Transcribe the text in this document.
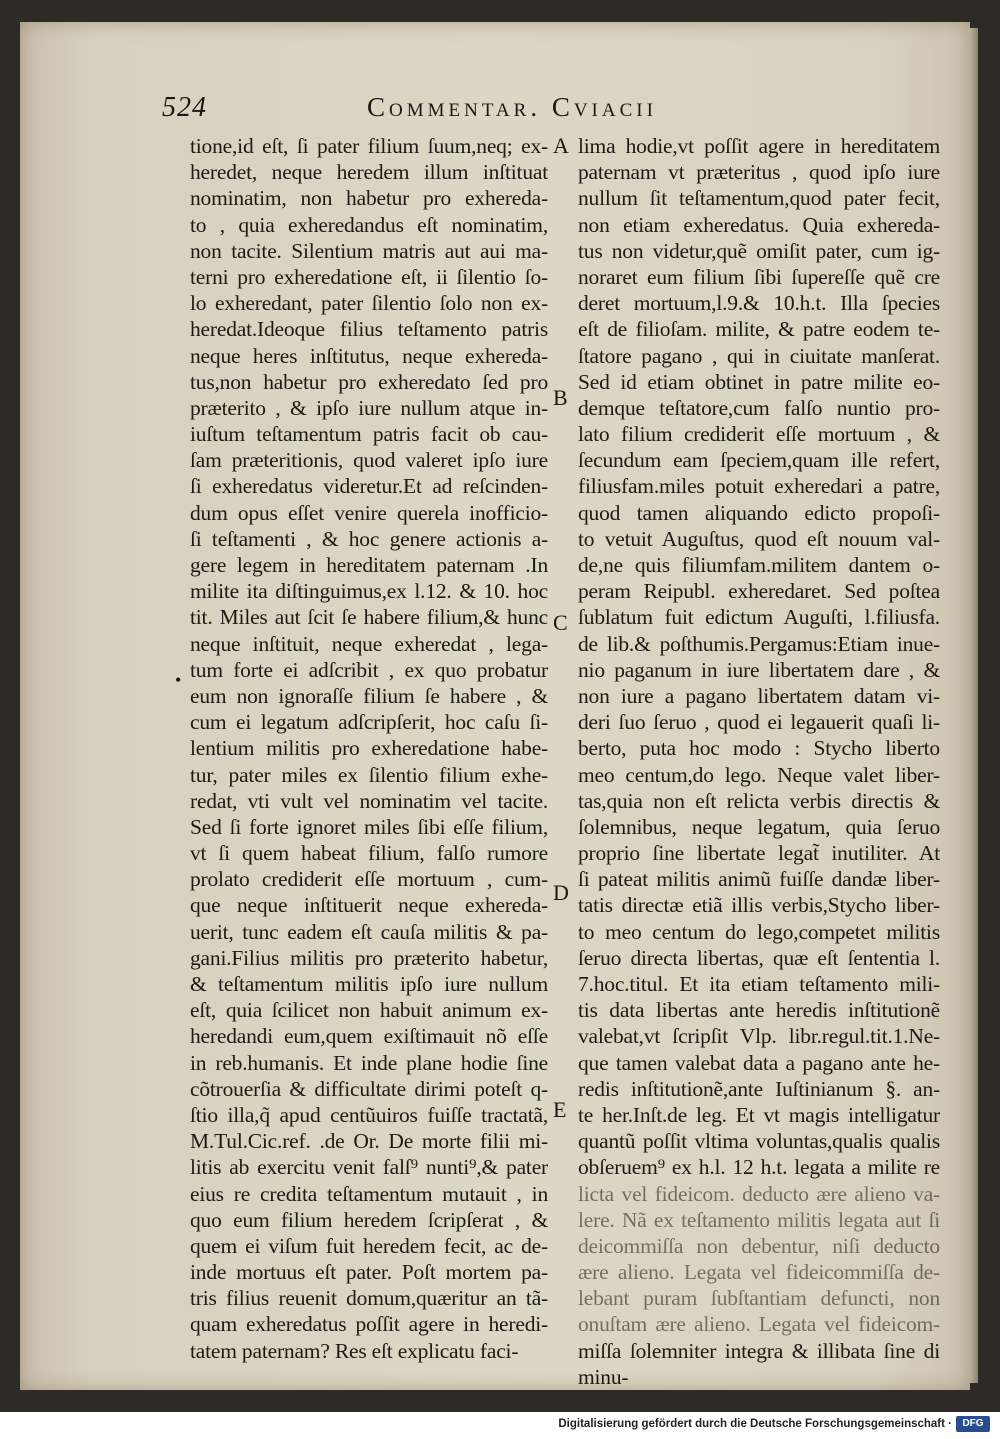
524	Commentar. Cviacii
A
B
C
D
E
•
tione,id eſt, ſi pater filium ſuum,neq; ex-
heredet, neque heredem illum inſtituat
nominatim, non habetur pro exhereda-
to , quia exheredandus eſt nominatim,
non tacite. Silentium matris aut aui ma-
terni pro exheredatione eſt, ii ſilentio ſo-
lo exheredant, pater ſilentio ſolo non ex-
heredat.Ideoque filius teſtamento patris
neque heres inſtitutus, neque exhereda-
tus,non habetur pro exheredato ſed pro
præterito , & ipſo iure nullum atque in-
iuſtum teſtamentum patris facit ob cau-
ſam præteritionis, quod valeret ipſo iure
ſi exheredatus videretur.Et ad reſcinden-
dum opus eſſet venire querela inofficio-
ſi teſtamenti , & hoc genere actionis a-
gere legem in hereditatem paternam .In
milite ita diſtinguimus,ex l.12. & 10. hoc
tit. Miles aut ſcit ſe habere filium,& hunc
neque inſtituit, neque exheredat , lega-
tum forte ei adſcribit , ex quo probatur
eum non ignoraſſe filium ſe habere , &
cum ei legatum adſcripſerit, hoc caſu ſi-
lentium militis pro exheredatione habe-
tur, pater miles ex ſilentio filium exhe-
redat, vti vult vel nominatim vel tacite.
Sed ſi forte ignoret miles ſibi eſſe filium,
vt ſi quem habeat filium, falſo rumore
prolato crediderit eſſe mortuum , cum-
que neque inſtituerit neque exhereda-
uerit, tunc eadem eſt cauſa militis & pa-
gani.Filius militis pro præterito habetur,
& teſtamentum militis ipſo iure nullum
eſt, quia ſcilicet non habuit animum ex-
heredandi eum,quem exiſtimauit nõ eſſe
in reb.humanis. Et inde plane hodie ſine
cõtrouerſia & difficultate dirimi poteſt q-
ſtio illa,q̃ apud centũuiros fuiſſe tractatã,
M.Tul.Cic.ref. .de Or. De morte filii mi-
litis ab exercitu venit falſ⁹ nunti⁹,& pater
eius re credita teſtamentum mutauit , in
quo eum filium heredem ſcripſerat , &
quem ei viſum fuit heredem fecit, ac de-
inde mortuus eſt pater. Poſt mortem pa-
tris filius reuenit domum,quæritur an tã-
quam exheredatus poſſit agere in heredi-
tatem paternam? Res eſt explicatu faci-
lima hodie,vt poſſit agere in hereditatem
paternam vt præteritus , quod ipſo iure
nullum ſit teſtamentum,quod pater fecit,
non etiam exheredatus. Quia exhereda-
tus non videtur,quẽ omiſit pater, cum ig-
noraret eum filium ſibi ſupereſſe quẽ cre
deret mortuum,l.9.& 10.h.t. Illa ſpecies
eſt de filioſam. milite, & patre eodem te-
ſtatore pagano , qui in ciuitate manſerat.
Sed id etiam obtinet in patre milite eo-
demque teſtatore,cum falſo nuntio pro-
lato filium crediderit eſſe mortuum , &
ſecundum eam ſpeciem,quam ille refert,
filiusfam.miles potuit exheredari a patre,
quod tamen aliquando edicto propoſi-
to vetuit Auguſtus, quod eſt nouum val-
de,ne quis filiumfam.militem dantem o-
peram Reipubl. exheredaret. Sed poſtea
ſublatum fuit edictum Auguſti, l.filiusfa.
de lib.& poſthumis.Pergamus:Etiam inue-
nio paganum in iure libertatem dare , &
non iure a pagano libertatem datam vi-
deri ſuo ſeruo , quod ei legauerit quaſi li-
berto, puta hoc modo : Stycho liberto
meo centum,do lego. Neque valet liber-
tas,quia non eſt relicta verbis directis &
ſolemnibus, neque legatum, quia ſeruo
proprio ſine libertate legat̃ inutiliter. At
ſi pateat militis animũ fuiſſe dandæ liber-
tatis directæ etiã illis verbis,Stycho liber-
to meo centum do lego,competet militis
ſeruo directa libertas, quæ eſt ſententia l.
7.hoc.titul. Et ita etiam teſtamento mili-
tis data libertas ante heredis inſtitutionẽ
valebat,vt ſcripſit Vlp. libr.regul.tit.1.Ne-
que tamen valebat data a pagano ante he-
redis inſtitutionẽ,ante Iuſtinianum §. an-
te her.Inſt.de leg. Et vt magis intelligatur
quantũ poſſit vltima voluntas,qualis qualis
obſeruem⁹ ex h.l. 12 h.t. legata a milite re
licta vel fideicom. deducto ære alieno va-
lere. Nã ex teſtamento militis legata aut ſi
deicommiſſa non debentur, niſi deducto
ære alieno. Legata vel fideicommiſſa de-
lebant puram ſubſtantiam defuncti, non
onuſtam ære alieno. Legata vel fideicom-
miſſa ſolemniter integra & illibata ſine di
minu-
Digitalisierung gefördert durch die Deutsche Forschungsgemeinschaft ·	DFG
